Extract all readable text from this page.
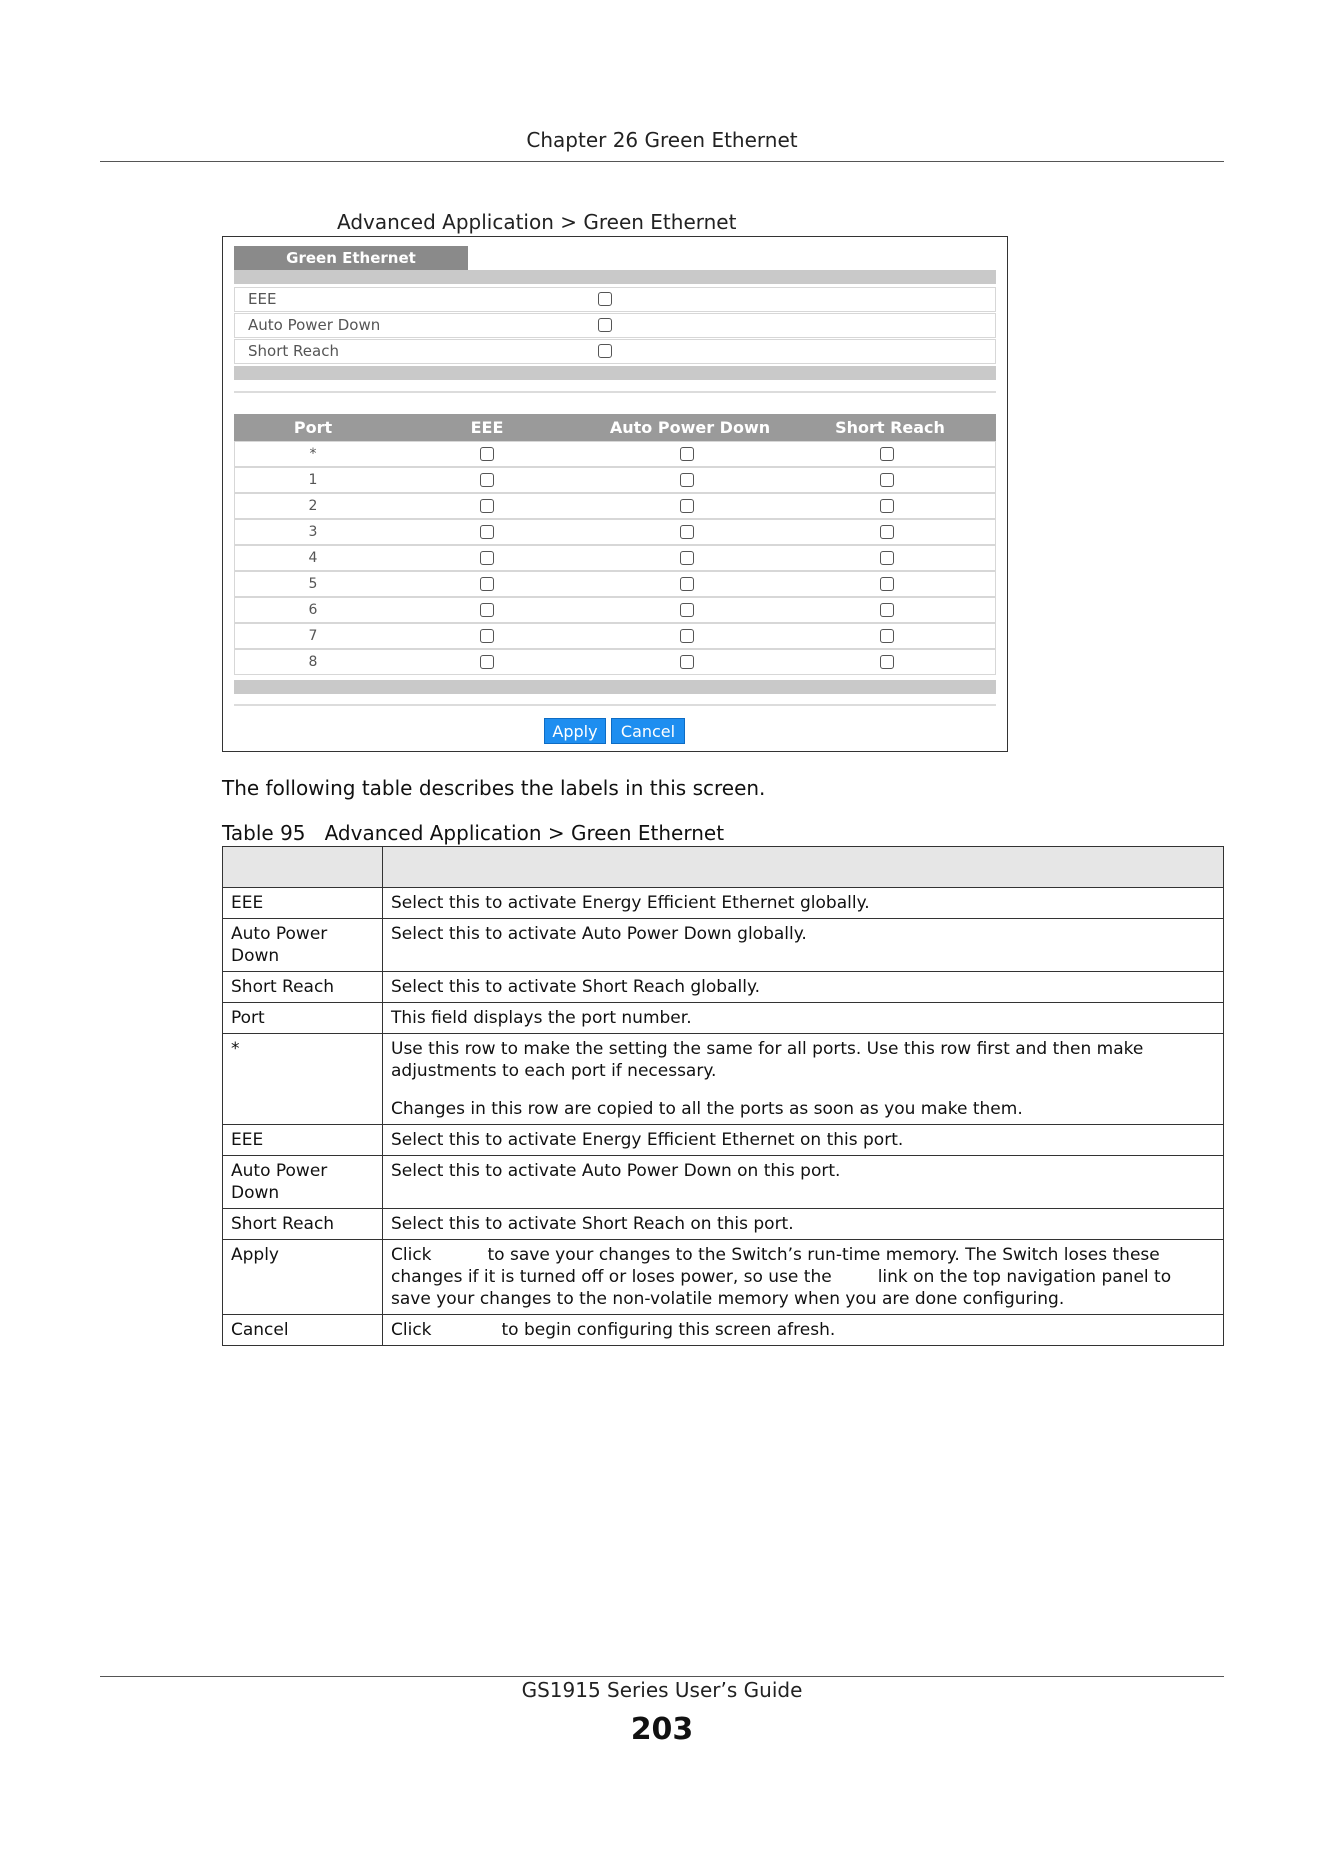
Chapter 26 Green Ethernet
Advanced Application > Green Ethernet
Green Ethernet
EEE
Auto Power Down
Short Reach
Port	EEE	Auto Power Down	Short Reach
*
1
2
3
4
5
6
7
8
Apply	Cancel
The following table describes the labels in this screen.
Table 95   Advanced Application > Green Ethernet

EEE	Select this to activate Energy Efficient Ethernet globally.
Auto Power Down	Select this to activate Auto Power Down globally.
Short Reach	Select this to activate Short Reach globally.
Port	This field displays the port number.
*	Use this row to make the setting the same for all ports. Use this row first and then make adjustments to each port if necessary.

Changes in this row are copied to all the ports as soon as you make them.

EEE	Select this to activate Energy Efficient Ethernet on this port.
Auto Power Down	Select this to activate Auto Power Down on this port.
Short Reach	Select this to activate Short Reach on this port.
Apply	Click to save your changes to the Switch’s run-time memory. The Switch loses these changes if it is turned off or loses power, so use the link on the top navigation panel to save your changes to the non-volatile memory when you are done configuring.
Cancel	Click to begin configuring this screen afresh.
GS1915 Series User’s Guide
203
